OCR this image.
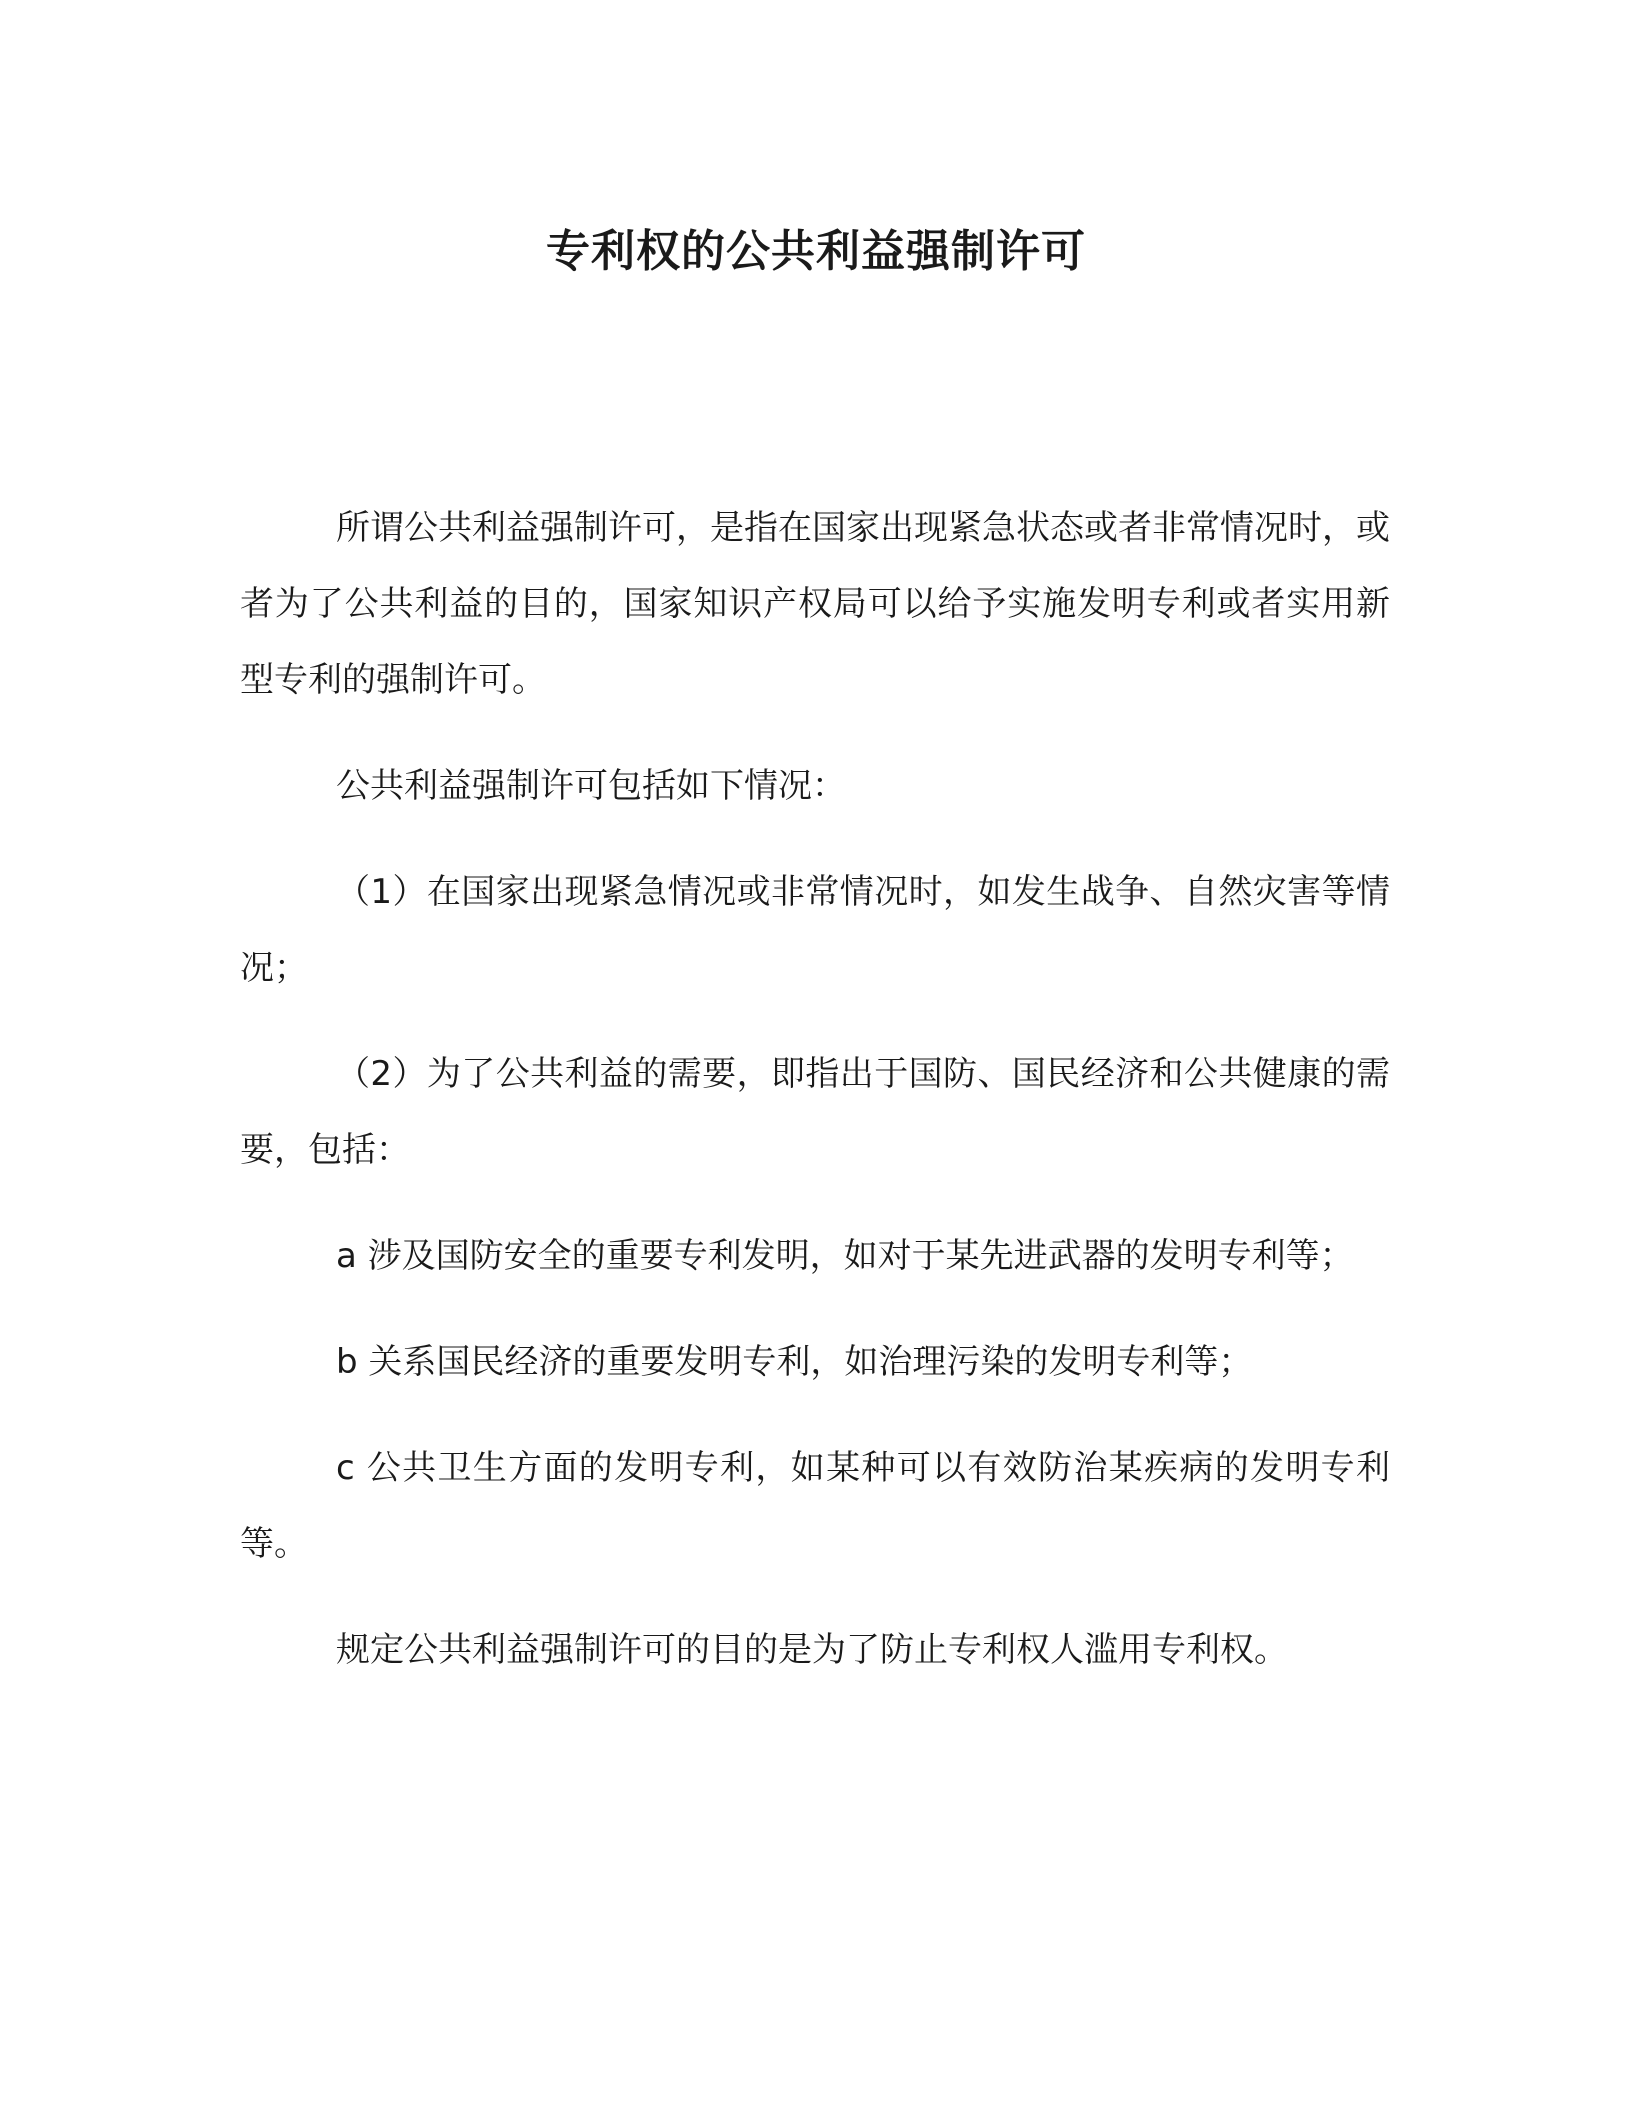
专利权的公共利益强制许可

所谓公共利益强制许可，是指在国家出现紧急状态或者非常情况时，或者为了公共利益的目的，国家知识产权局可以给予实施发明专利或者实用新型专利的强制许可。

公共利益强制许可包括如下情况：

（1）在国家出现紧急情况或非常情况时，如发生战争、自然灾害等情况；

（2）为了公共利益的需要，即指出于国防、国民经济和公共健康的需要，包括：

a 涉及国防安全的重要专利发明，如对于某先进武器的发明专利等；

b 关系国民经济的重要发明专利，如治理污染的发明专利等；

c 公共卫生方面的发明专利，如某种可以有效防治某疾病的发明专利等。

规定公共利益强制许可的目的是为了防止专利权人滥用专利权。
